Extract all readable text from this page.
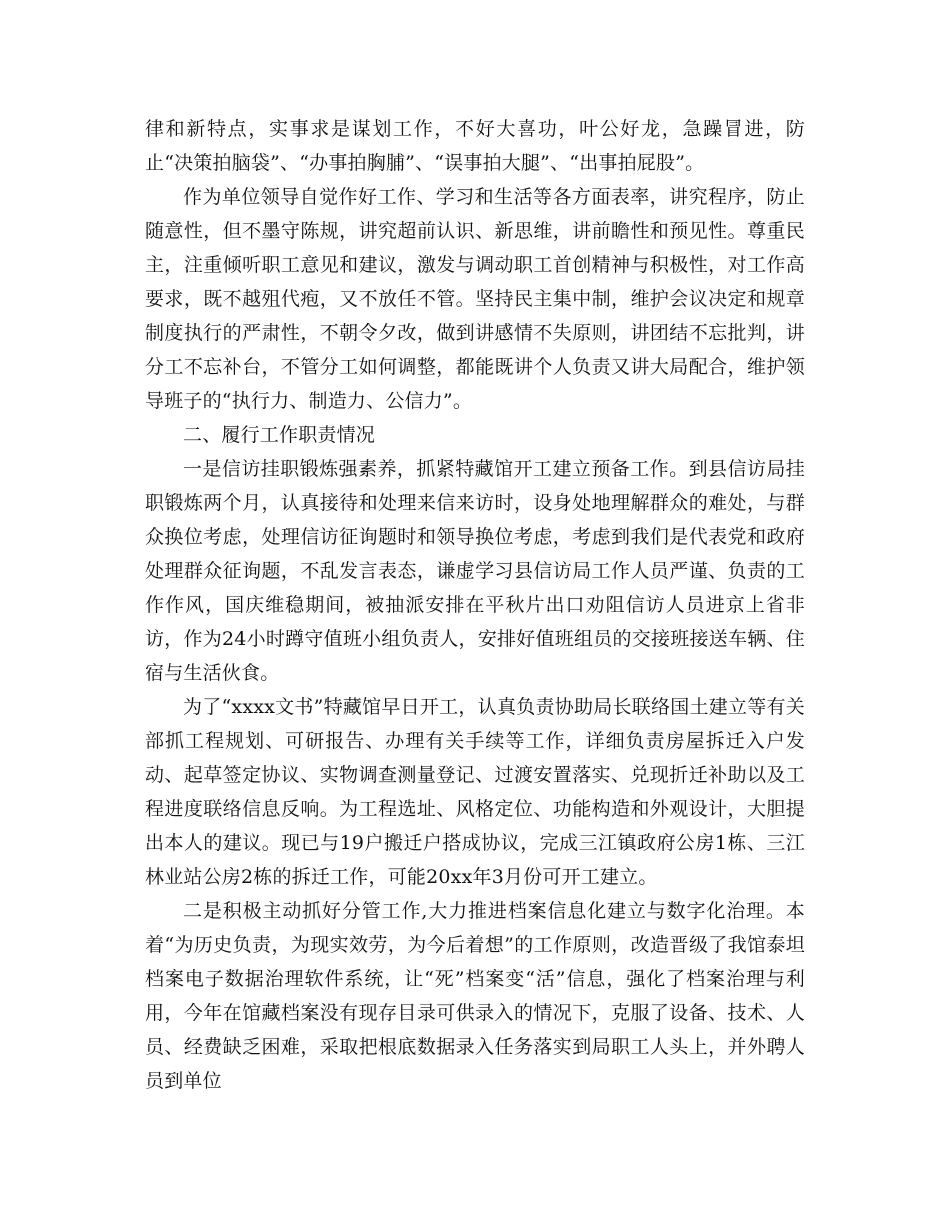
律和新特点，实事求是谋划工作，不好大喜功，叶公好龙，急躁冒进，防止“决策拍脑袋”、“办事拍胸脯”、“误事拍大腿”、“出事拍屁股”。

作为单位领导自觉作好工作、学习和生活等各方面表率，讲究程序，防止随意性，但不墨守陈规，讲究超前认识、新思维，讲前瞻性和预见性。尊重民主，注重倾听职工意见和建议，激发与调动职工首创精神与积极性，对工作高要求，既不越殂代疱，又不放任不管。坚持民主集中制，维护会议决定和规章制度执行的严肃性，不朝令夕改，做到讲感情不失原则，讲团结不忘批判，讲分工不忘补台，不管分工如何调整，都能既讲个人负责又讲大局配合，维护领导班子的“执行力、制造力、公信力”。

二、履行工作职责情况

一是信访挂职锻炼强素养，抓紧特藏馆开工建立预备工作。到县信访局挂职锻炼两个月，认真接待和处理来信来访时，设身处地理解群众的难处，与群众换位考虑，处理信访征询题时和领导换位考虑，考虑到我们是代表党和政府处理群众征询题，不乱发言表态，谦虚学习县信访局工作人员严谨、负责的工作作风，国庆维稳期间，被抽派安排在平秋片出口劝阻信访人员进京上省非访，作为24小时蹲守值班小组负责人，安排好值班组员的交接班接送车辆、住宿与生活伙食。

为了“xxxx文书”特藏馆早日开工，认真负责协助局长联络国土建立等有关部抓工程规划、可研报告、办理有关手续等工作，详细负责房屋拆迁入户发动、起草签定协议、实物调查测量登记、过渡安置落实、兑现折迁补助以及工程进度联络信息反响。为工程选址、风格定位、功能构造和外观设计，大胆提出本人的建议。现已与19户搬迁户搭成协议，完成三江镇政府公房1栋、三江林业站公房2栋的拆迁工作，可能20xx年3月份可开工建立。

二是积极主动抓好分管工作,大力推进档案信息化建立与数字化治理。本着“为历史负责，为现实效劳，为今后着想”的工作原则，改造晋级了我馆泰坦档案电子数据治理软件系统，让“死”档案变“活”信息，强化了档案治理与利用，今年在馆藏档案没有现存目录可供录入的情况下，克服了设备、技术、人员、经费缺乏困难，采取把根底数据录入任务落实到局职工人头上，并外聘人员到单位
